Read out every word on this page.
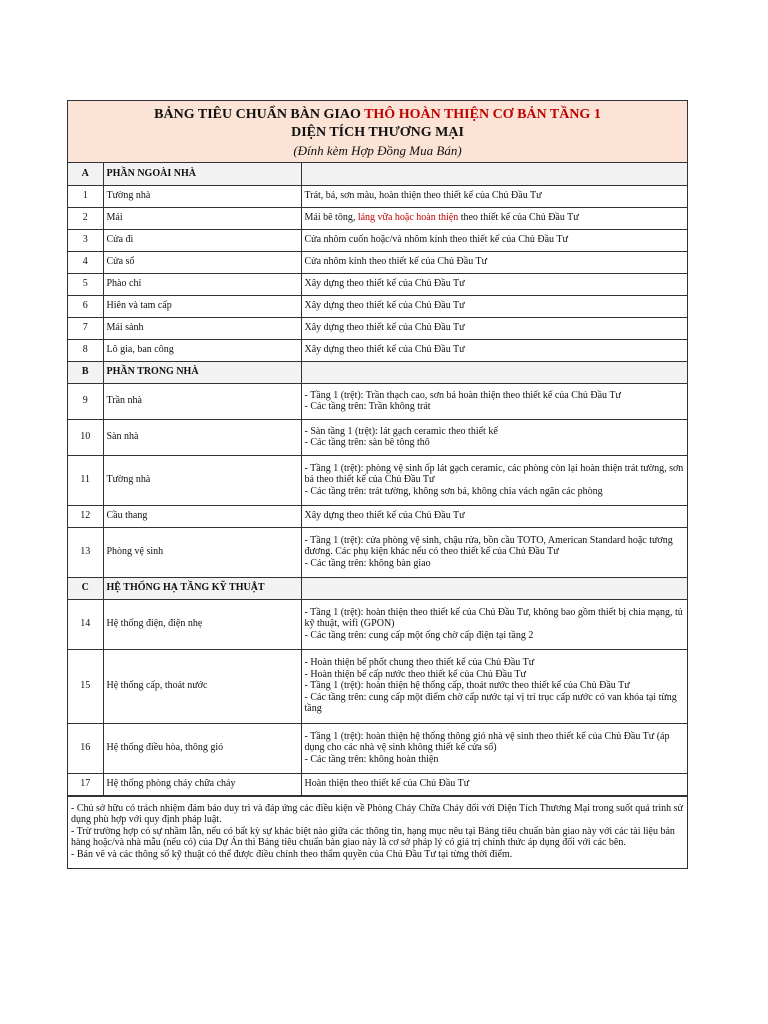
BẢNG TIÊU CHUẨN BÀN GIAO THÔ HOÀN THIỆN CƠ BẢN TẦNG 1
DIỆN TÍCH THƯƠNG MẠI
(Đính kèm Hợp Đồng Mua Bán)
A	PHẦN NGOÀI NHÀ	
1	Tường nhà	Trát, bả, sơn màu, hoàn thiện theo thiết kế của Chủ Đầu Tư

2	Mái	Mái bê tông, láng vữa hoặc hoàn thiện theo thiết kế của Chủ Đầu Tư
3	Cửa đi	Cửa nhôm cuốn hoặc/và nhôm kính theo thiết kế của Chủ Đầu Tư

4	Cửa sổ	Cửa nhôm kính theo thiết kế của Chủ Đầu Tư

5	Phào chỉ	Xây dựng theo thiết kế của Chủ Đầu Tư

6	Hiên và tam cấp	Xây dựng theo thiết kế của Chủ Đầu Tư

7	Mái sảnh	Xây dựng theo thiết kế của Chủ Đầu Tư

8	Lô gia, ban công	Xây dựng theo thiết kế của Chủ Đầu Tư

B	PHẦN TRONG NHÀ	
9	Trần nhà	- Tầng 1 (trệt): Trần thạch cao, sơn bả hoàn thiện theo thiết kế của Chủ Đầu Tư
- Các tầng trên: Trần không trát

10	Sàn nhà	- Sàn tầng 1 (trệt): lát gạch ceramic theo thiết kế
- Các tầng trên: sàn bê tông thô

11	Tường nhà	- Tầng 1 (trệt): phòng vệ sinh ốp lát gạch ceramic, các phòng còn lại hoàn thiện trát tường, sơn bả theo thiết kế của Chủ Đầu Tư
- Các tầng trên: trát tường, không sơn bả, không chia vách ngăn các phòng

12	Cầu thang	Xây dựng theo thiết kế của Chủ Đầu Tư

13	Phòng vệ sinh	- Tầng 1 (trệt): cửa phòng vệ sinh, chậu rửa, bồn cầu TOTO, American Standard hoặc tương đương. Các phụ kiện khác nếu có theo thiết kế của Chủ Đầu Tư
- Các tầng trên: không bàn giao

C	HỆ THỐNG HẠ TẦNG KỸ THUẬT	
14	Hệ thống điện, điện nhẹ	- Tầng 1 (trệt): hoàn thiện theo thiết kế của Chủ Đầu Tư, không bao gồm thiết bị chia mạng, tủ kỹ thuật, wifi (GPON)
- Các tầng trên: cung cấp một ống chờ cấp điện tại tầng 2

15	Hệ thống cấp, thoát nước	- Hoàn thiện bể phốt chung theo thiết kế của Chủ Đầu Tư
- Hoàn thiện bể cấp nước theo thiết kế của Chủ Đầu Tư
- Tầng 1 (trệt): hoàn thiện hệ thống cấp, thoát nước theo thiết kế của Chủ Đầu Tư
- Các tầng trên: cung cấp một điểm chờ cấp nước tại vị trí trục cấp nước có van khóa tại từng tầng

16	Hệ thống điều hòa, thông gió	- Tầng 1 (trệt): hoàn thiện hệ thống thông gió nhà vệ sinh theo thiết kế của Chủ Đầu Tư (áp dụng cho các nhà vệ sinh không thiết kế cửa sổ)
- Các tầng trên: không hoàn thiện

17	Hệ thống phòng cháy chữa cháy	Hoàn thiện theo thiết kế của Chủ Đầu Tư
- Chủ sở hữu có trách nhiệm đảm bảo duy trì và đáp ứng các điều kiện về Phòng Cháy Chữa Cháy đối với Diện Tích Thương Mại trong suốt quá trình sử dụng phù hợp với quy định pháp luật.
- Trừ trường hợp có sự nhầm lẫn, nếu có bất kỳ sự khác biệt nào giữa các thông tin, hạng mục nêu tại Bảng tiêu chuẩn bàn giao này với các tài liệu bán hàng hoặc/và nhà mẫu (nếu có) của Dự Án thì Bảng tiêu chuẩn bàn giao này là cơ sở pháp lý có giá trị chính thức áp dụng đối với các bên.
- Bản vẽ và các thông số kỹ thuật có thể được điều chỉnh theo thẩm quyền của Chủ Đầu Tư tại từng thời điểm.
